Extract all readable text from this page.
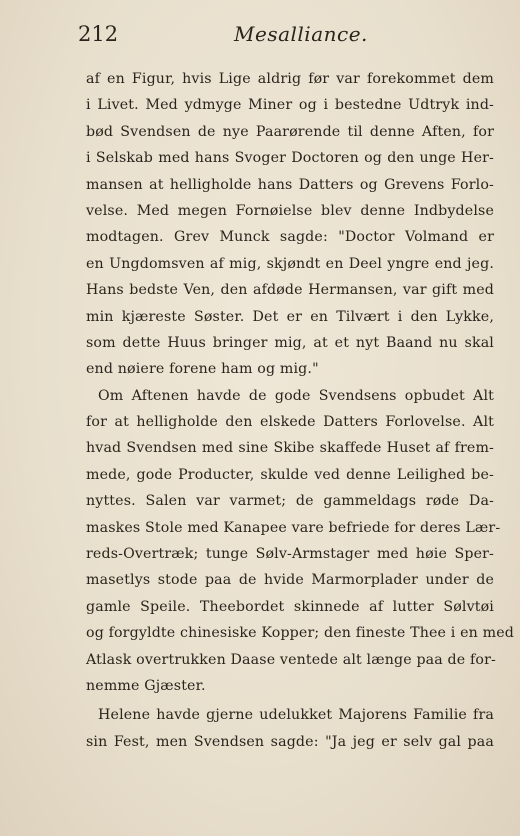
212	Mesalliance.
af en Figur, hvis Lige aldrig før var forekommet dem
i Livet. Med ydmyge Miner og i bestedne Udtryk ind-
bød Svendsen de nye Paarørende til denne Aften, for
i Selskab med hans Svoger Doctoren og den unge Her-
mansen at helligholde hans Datters og Grevens Forlo-
velse. Med megen Fornøielse blev denne Indbydelse
modtagen. Grev Munck sagde: "Doctor Volmand er
en Ungdomsven af mig, skjøndt en Deel yngre end jeg.
Hans bedste Ven, den afdøde Hermansen, var gift med
min kjæreste Søster. Det er en Tilvært i den Lykke,
som dette Huus bringer mig, at et nyt Baand nu skal
end nøiere forene ham og mig."
Om Aftenen havde de gode Svendsens opbudet Alt
for at helligholde den elskede Datters Forlovelse. Alt
hvad Svendsen med sine Skibe skaffede Huset af frem-
mede, gode Producter, skulde ved denne Leilighed be-
nyttes. Salen var varmet; de gammeldags røde Da-
maskes Stole med Kanapee vare befriede for deres Lær-
reds-Overtræk; tunge Sølv-Armstager med høie Sper-
masetlys stode paa de hvide Marmorplader under de
gamle Speile. Theebordet skinnede af lutter Sølvtøi
og forgyldte chinesiske Kopper; den fineste Thee i en med
Atlask overtrukken Daase ventede alt længe paa de for-
nemme Gjæster.
Helene havde gjerne udelukket Majorens Familie fra
sin Fest, men Svendsen sagde: "Ja jeg er selv gal paa
